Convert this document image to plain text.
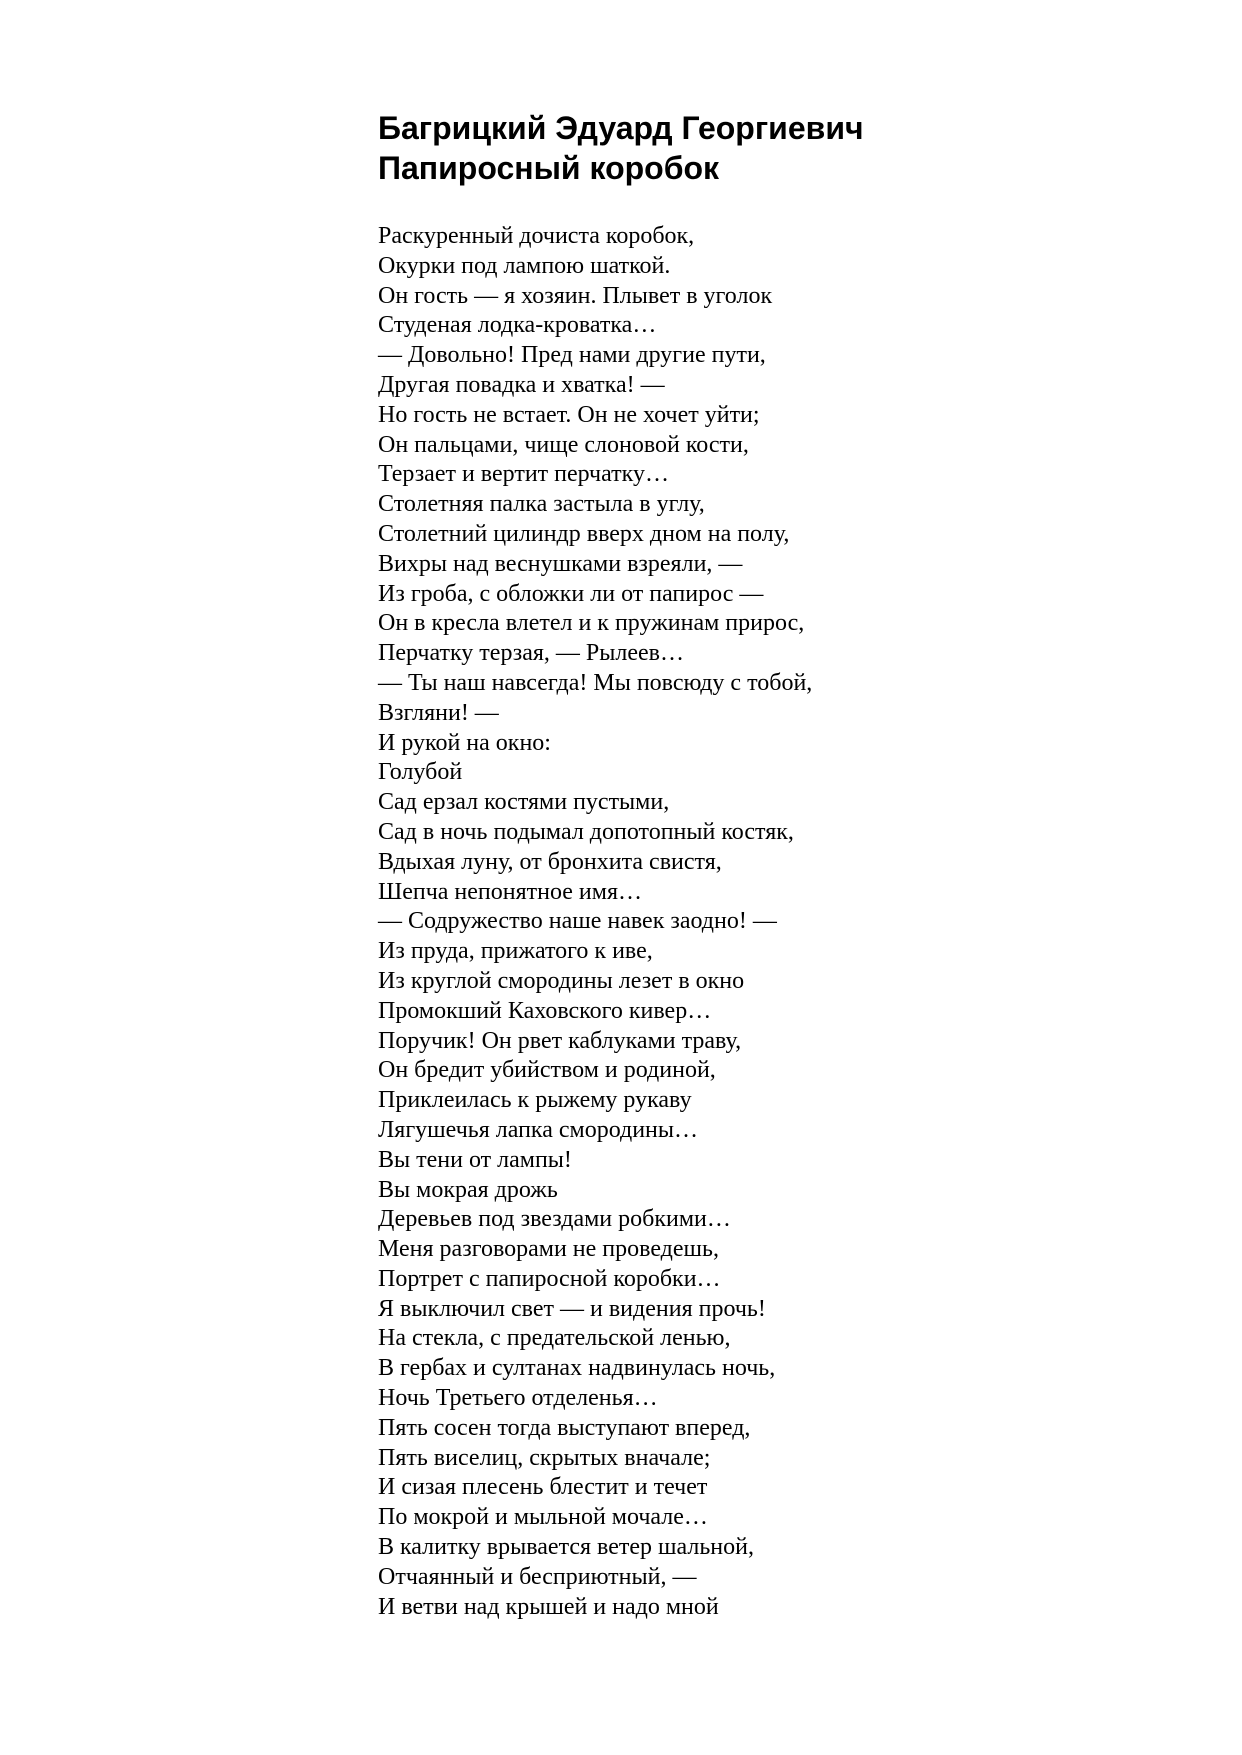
Багрицкий Эдуард Георгиевич
Папиросный коробок
Раскуренный дочиста коробок,
Окурки под лампою шаткой.
Он гость — я хозяин. Плывет в уголок
Студеная лодка-кроватка…
— Довольно! Пред нами другие пути,
Другая повадка и хватка! —
Но гость не встает. Он не хочет уйти;
Он пальцами, чище слоновой кости,
Терзает и вертит перчатку…
Столетняя палка застыла в углу,
Столетний цилиндр вверх дном на полу,
Вихры над веснушками взреяли, —
Из гроба, с обложки ли от папирос —
Он в кресла влетел и к пружинам прирос,
Перчатку терзая, — Рылеев…
— Ты наш навсегда! Мы повсюду с тобой,
Взгляни! —
И рукой на окно:
Голубой
Сад ерзал костями пустыми,
Сад в ночь подымал допотопный костяк,
Вдыхая луну, от бронхита свистя,
Шепча непонятное имя…
— Содружество наше навек заодно! —
Из пруда, прижатого к иве,
Из круглой смородины лезет в окно
Промокший Каховского кивер…
Поручик! Он рвет каблуками траву,
Он бредит убийством и родиной,
Приклеилась к рыжему рукаву
Лягушечья лапка смородины…
Вы тени от лампы!
Вы мокрая дрожь
Деревьев под звездами робкими…
Меня разговорами не проведешь,
Портрет с папиросной коробки…
Я выключил свет — и видения прочь!
На стекла, с предательской ленью,
В гербах и султанах надвинулась ночь,
Ночь Третьего отделенья…
Пять сосен тогда выступают вперед,
Пять виселиц, скрытых вначале;
И сизая плесень блестит и течет
По мокрой и мыльной мочале…
В калитку врывается ветер шальной,
Отчаянный и бесприютный, —
И ветви над крышей и надо мной
